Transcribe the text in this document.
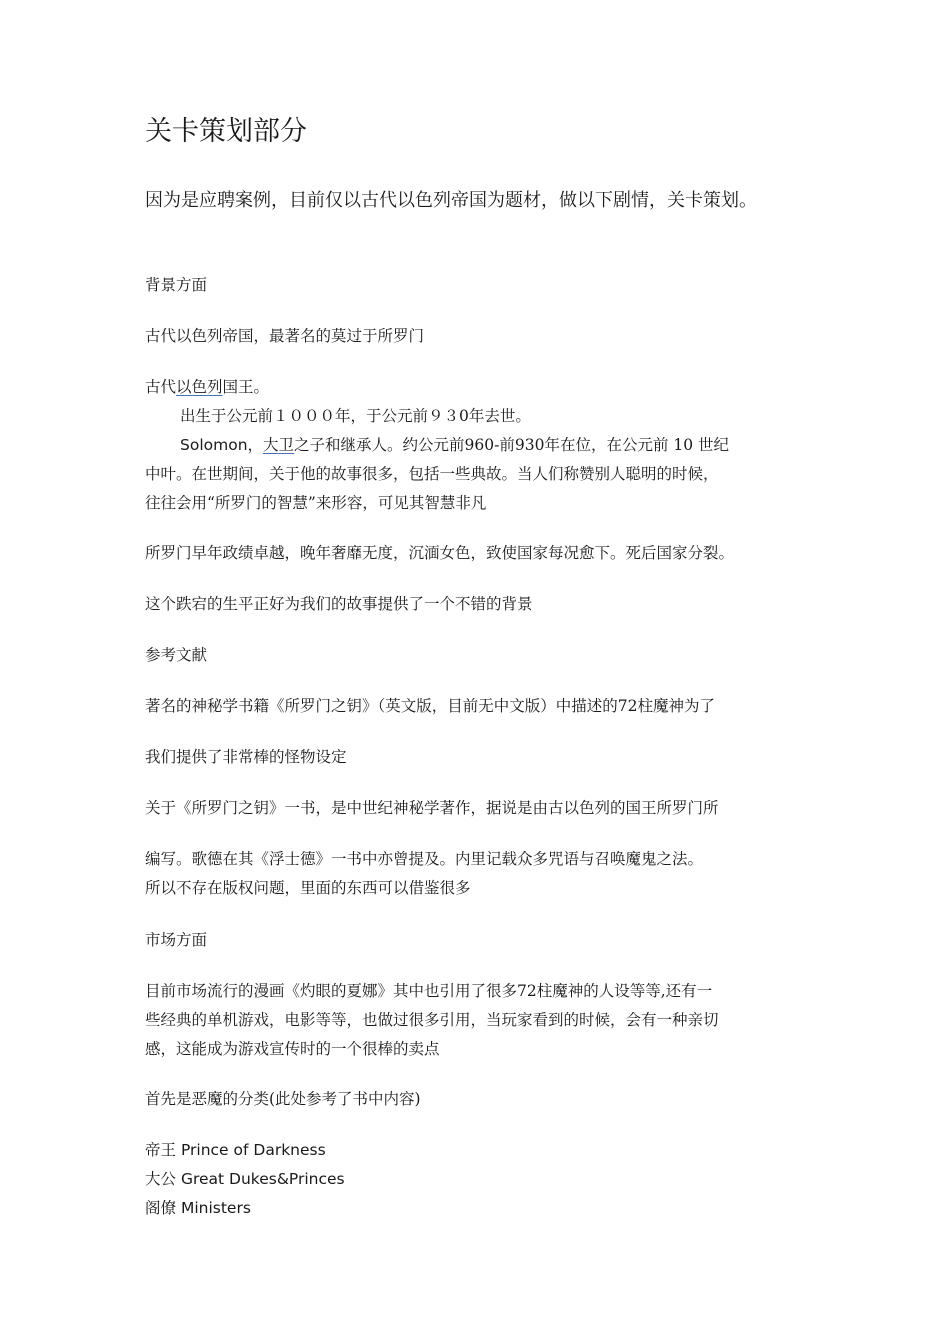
关卡策划部分
因为是应聘案例，目前仅以古代以色列帝国为题材，做以下剧情，关卡策划。
背景方面
古代以色列帝国，最著名的莫过于所罗门
古代以色列国王。
出生于公元前１０００年，于公元前９３0年去世。
Solomon，大卫之子和继承人。约公元前960-前930年在位，在公元前 10 世纪
中叶。在世期间，关于他的故事很多，包括一些典故。当人们称赞别人聪明的时候，
往往会用“所罗门的智慧”来形容，可见其智慧非凡
所罗门早年政绩卓越，晚年奢靡无度，沉湎女色，致使国家每况愈下。死后国家分裂。
这个跌宕的生平正好为我们的故事提供了一个不错的背景
参考文献
著名的神秘学书籍《所罗门之钥》（英文版，目前无中文版）中描述的72柱魔神为了
我们提供了非常棒的怪物设定
关于《所罗门之钥》一书，是中世纪神秘学著作，据说是由古以色列的国王所罗门所
编写。歌德在其《浮士德》一书中亦曾提及。内里记载众多咒语与召唤魔鬼之法。
所以不存在版权问题，里面的东西可以借鉴很多
市场方面
目前市场流行的漫画《灼眼的夏娜》其中也引用了很多72柱魔神的人设等等,还有一
些经典的单机游戏，电影等等，也做过很多引用，当玩家看到的时候，会有一种亲切
感，这能成为游戏宣传时的一个很棒的卖点
首先是恶魔的分类(此处参考了书中内容)
帝王 Prince of Darkness
大公 Great Dukes&Princes
阁僚 Ministers
